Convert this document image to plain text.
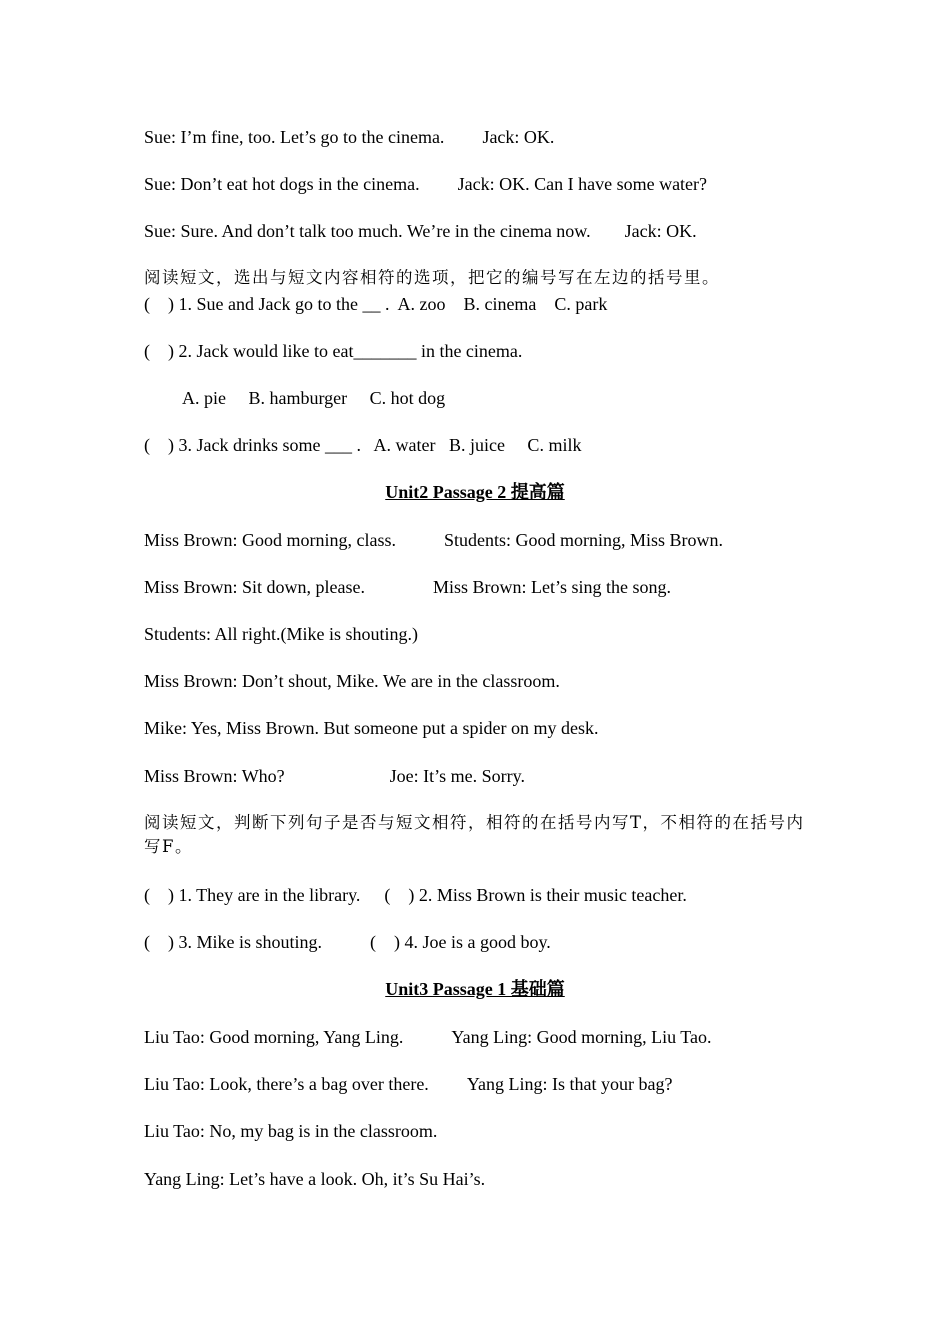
Sue: I’m fine, too. Let’s go to the cinema. Jack: OK.
Sue: Don’t eat hot dogs in the cinema. Jack: OK. Can I have some water?
Sue: Sure. And don’t talk too much. We’re in the cinema now. Jack: OK.
阅读短文，选出与短文内容相符的选项，把它的编号写在左边的括号里。
(    ) 1. Sue and Jack go to the __ .  A. zoo    B. cinema    C. park
(    ) 2. Jack would like to eat_______ in the cinema.
A. pie     B. hamburger     C. hot dog
(    ) 3. Jack drinks some ___ .   A. water   B. juice     C. milk
Unit2 Passage 2 提高篇
Miss Brown: Good morning, class.	Students: Good morning, Miss Brown.
Miss Brown: Sit down, please.	Miss Brown: Let’s sing the song.
Students: All right.(Mike is shouting.)
Miss Brown: Don’t shout, Mike. We are in the classroom.
Mike: Yes, Miss Brown. But someone put a spider on my desk.
Miss Brown: Who?	Joe: It’s me. Sorry.
阅读短文，判断下列句子是否与短文相符，相符的在括号内写T，不相符的在括号内写F。
(    ) 1. They are in the library. (    ) 2. Miss Brown is their music teacher.
(    ) 3. Mike is shouting.	(    ) 4. Joe is a good boy.
Unit3 Passage 1 基础篇
Liu Tao: Good morning, Yang Ling.	Yang Ling: Good morning, Liu Tao.
Liu Tao: Look, there’s a bag over there. Yang Ling: Is that your bag?
Liu Tao: No, my bag is in the classroom.
Yang Ling: Let’s have a look. Oh, it’s Su Hai’s.
